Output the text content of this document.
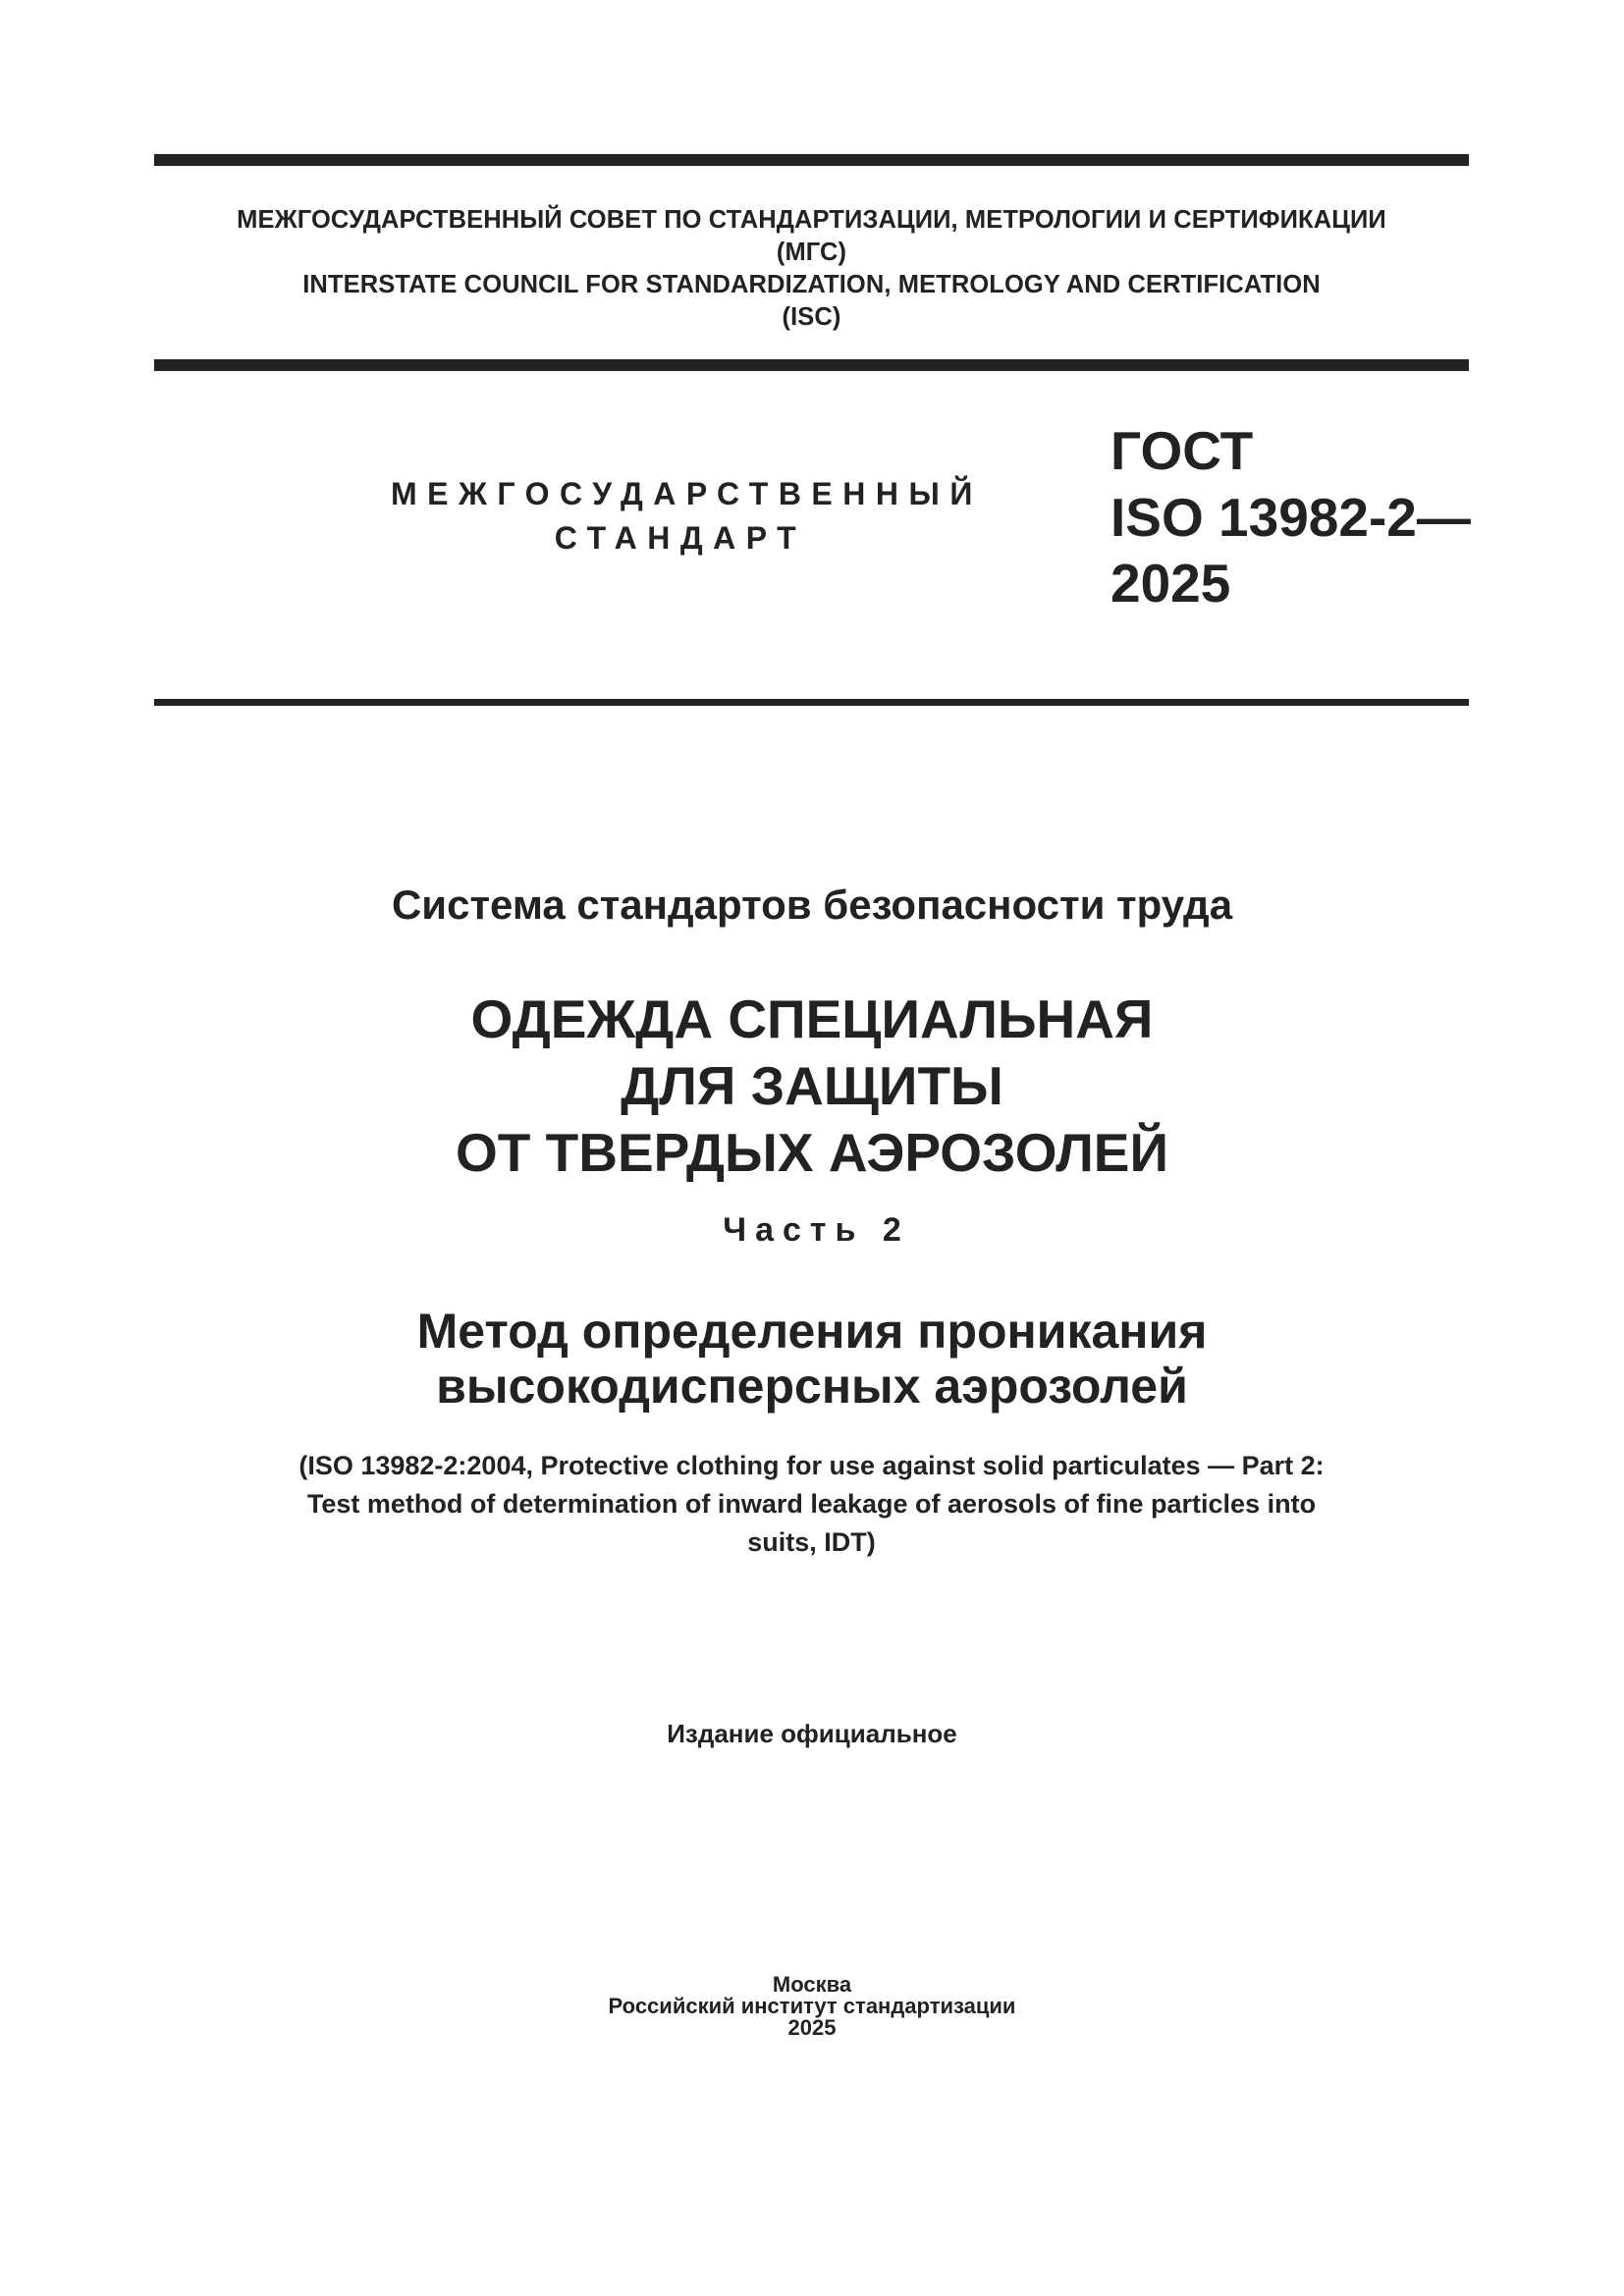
МЕЖГОСУДАРСТВЕННЫЙ СОВЕТ ПО СТАНДАРТИЗАЦИИ, МЕТРОЛОГИИ И СЕРТИФИКАЦИИ
(МГС)
INTERSTATE COUNCIL FOR STANDARDIZATION, METROLOGY AND CERTIFICATION
(ISC)
МЕЖГОСУДАРСТВЕННЫЙ
СТАНДАРТ
ГОСТ
ISO 13982-2—
2025
Система стандартов безопасности труда
ОДЕЖДА СПЕЦИАЛЬНАЯ
ДЛЯ ЗАЩИТЫ
ОТ ТВЕРДЫХ АЭРОЗОЛЕЙ
Часть 2
Метод определения проникания
высокодисперсных аэрозолей
(ISO 13982-2:2004, Protective clothing for use against solid particulates — Part 2:
Test method of determination of inward leakage of aerosols of fine particles into
suits, IDT)
Издание официальное
Москва
Российский институт стандартизации
2025
